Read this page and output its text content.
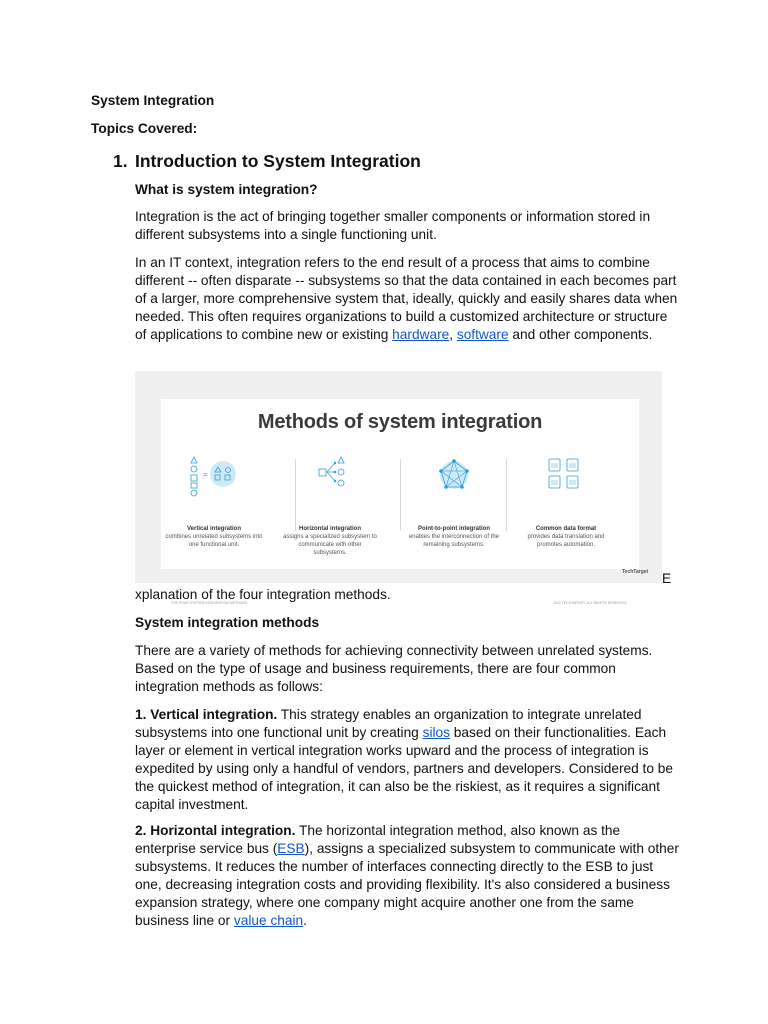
System Integration

Topics Covered:

1. Introduction to System Integration

What is system integration?

Integration is the act of bringing together smaller components or information stored in different subsystems into a single functioning unit.

In an IT context, integration refers to the end result of a process that aims to combine different -- often disparate -- subsystems so that the data contained in each becomes part of a larger, more comprehensive system that, ideally, quickly and easily shares data when needed. This often requires organizations to build a customized architecture or structure of applications to combine new or existing hardware, software and other components.

Methods of system integration
=
Vertical integration
combines unrelated subsystems into one functional unit.
Horizontal integration
assigns a specialized subsystem to communicate with other subsystems.
Point-to-point integration
enables the interconnection of the remaining subsystems.
Common data format
provides data translation and promotes automation.
THE FOUR SYSTEM INTEGRATION METHODS	2022 TECHTARGET. ALL RIGHTS RESERVED
TechTarget E

xplanation of the four integration methods.

System integration methods

There are a variety of methods for achieving connectivity between unrelated systems. Based on the type of usage and business requirements, there are four common integration methods as follows:

1. Vertical integration. This strategy enables an organization to integrate unrelated subsystems into one functional unit by creating silos based on their functionalities. Each layer or element in vertical integration works upward and the process of integration is expedited by using only a handful of vendors, partners and developers. Considered to be the quickest method of integration, it can also be the riskiest, as it requires a significant capital investment.

2. Horizontal integration. The horizontal integration method, also known as the enterprise service bus (ESB), assigns a specialized subsystem to communicate with other subsystems. It reduces the number of interfaces connecting directly to the ESB to just one, decreasing integration costs and providing flexibility. It's also considered a business expansion strategy, where one company might acquire another one from the same business line or value chain.
